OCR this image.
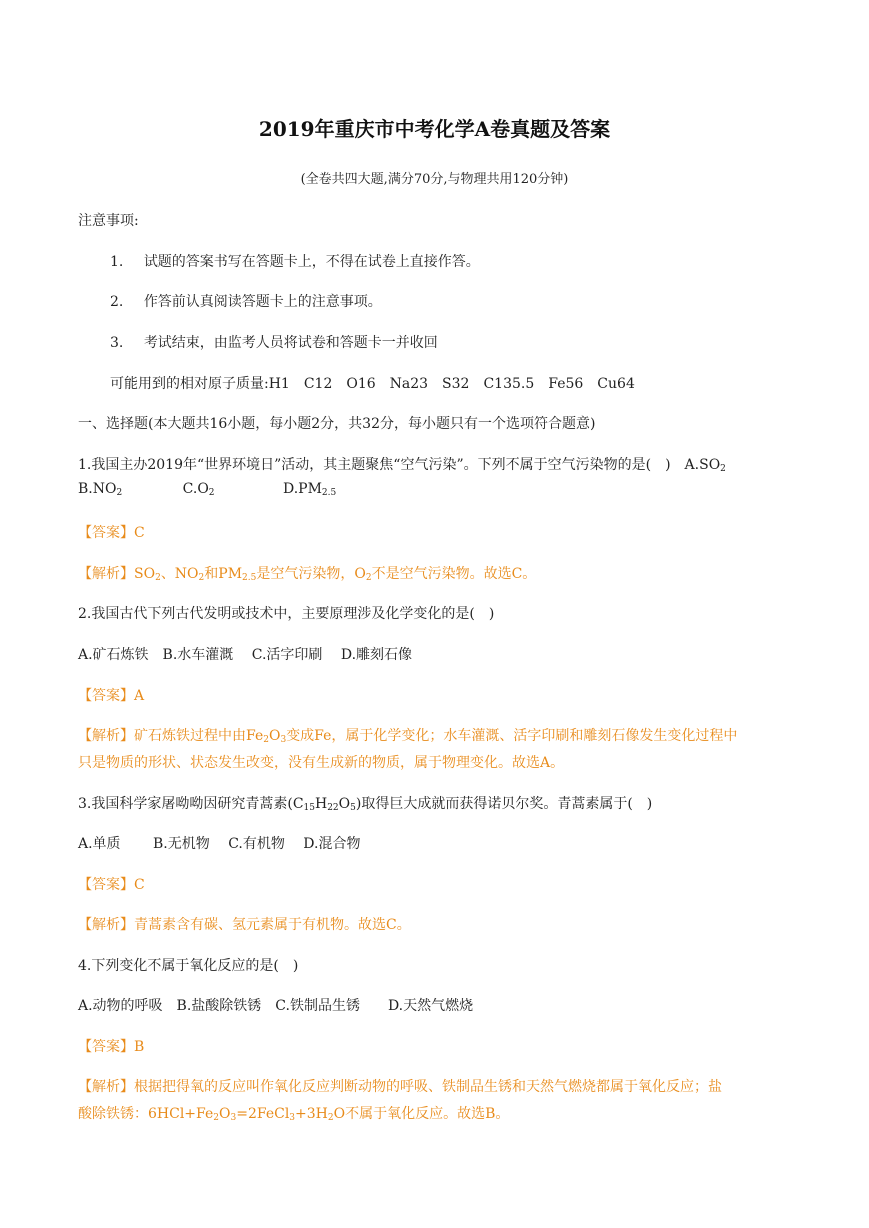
2019年重庆市中考化学A卷真题及答案
(全卷共四大题,满分70分,与物理共用120分钟)
注意事项:
1. 试题的答案书写在答题卡上，不得在试卷上直接作答。
2. 作答前认真阅读答题卡上的注意事项。
3. 考试结束，由监考人员将试卷和答题卡一并收回
可能用到的相对原子质量:H1　C12　O16　Na23　S32　C135.5　Fe56　Cu64
一、选择题(本大题共16小题，每小题2分，共32分，每小题只有一个选项符合题意)
1.我国主办2019年“世界环境日”活动，其主题聚焦“空气污染”。下列不属于空气污染物的是(　)　$A.SO_2$
$B.NO_2$	$C.O_2$	$D.PM_{2.5}$
【答案】C
【解析】$SO_2$、$NO_2$和$PM_{2.5}$是空气污染物，$O_2$不是空气污染物。故选C。
2.我国古代下列古代发明或技术中，主要原理涉及化学变化的是(　)
A.矿石炼铁　B.水车灌溉　 C.活字印刷　 D.雕刻石像
【答案】A
【解析】矿石炼铁过程中由$Fe_2O_3$变成Fe，属于化学变化；水车灌溉、活字印刷和雕刻石像发生变化过程中
只是物质的形状、状态发生改变，没有生成新的物质，属于物理变化。故选A。
3.我国科学家屠呦呦因研究青蒿素$(C_{15}H_{22}O_5)$取得巨大成就而获得诺贝尔奖。青蒿素属于(　)
A.单质　　 B.无机物　 C.有机物　 D.混合物
【答案】C
【解析】青蒿素含有碳、氢元素属于有机物。故选C。
4.下列变化不属于氧化反应的是(　)
A.动物的呼吸　B.盐酸除铁锈　C.铁制品生锈　　D.天然气燃烧
【答案】B
【解析】根据把得氧的反应叫作氧化反应判断动物的呼吸、铁制品生锈和天然气燃烧都属于氧化反应；盐
酸除铁锈：$6HCl+Fe_2O_3=2FeCl_3+3H_2O$不属于氧化反应。故选B。
